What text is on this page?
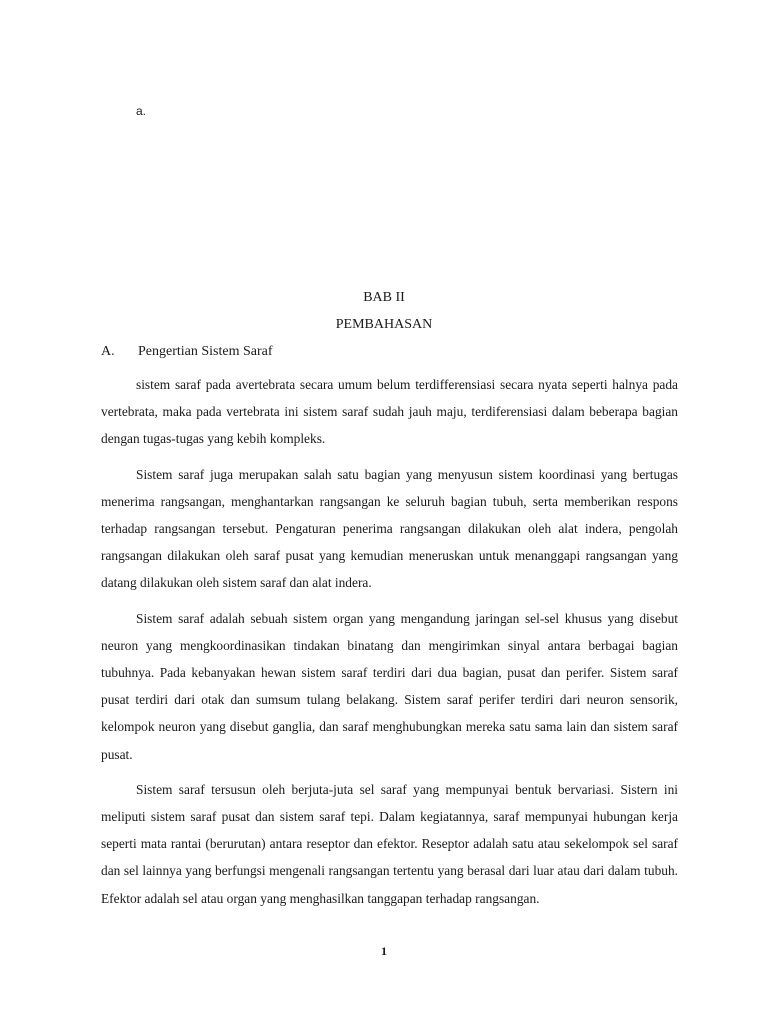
a.
BAB II
PEMBAHASAN
A. Pengertian Sistem Saraf

sistem saraf pada avertebrata secara umum belum terdifferensiasi secara nyata seperti halnya pada vertebrata, maka pada vertebrata ini sistem saraf sudah jauh maju, terdiferensiasi dalam beberapa bagian dengan tugas-tugas yang kebih kompleks.

Sistem saraf juga merupakan salah satu bagian yang menyusun sistem koordinasi yang bertugas menerima rangsangan, menghantarkan rangsangan ke seluruh bagian tubuh, serta memberikan respons terhadap rangsangan tersebut. Pengaturan penerima rangsangan dilakukan oleh alat indera, pengolah rangsangan dilakukan oleh saraf pusat yang kemudian meneruskan untuk menanggapi rangsangan yang datang dilakukan oleh sistem saraf dan alat indera.

Sistem saraf adalah sebuah sistem organ yang mengandung jaringan sel-sel khusus yang disebut neuron yang mengkoordinasikan tindakan binatang dan mengirimkan sinyal antara berbagai bagian tubuhnya. Pada kebanyakan hewan sistem saraf terdiri dari dua bagian, pusat dan perifer. Sistem saraf pusat terdiri dari otak dan sumsum tulang belakang. Sistem saraf perifer terdiri dari neuron sensorik, kelompok neuron yang disebut ganglia, dan saraf menghubungkan mereka satu sama lain dan sistem saraf pusat.

Sistem saraf tersusun oleh berjuta-juta sel saraf yang mempunyai bentuk bervariasi. Sistern ini meliputi sistem saraf pusat dan sistem saraf tepi. Dalam kegiatannya, saraf mempunyai hubungan kerja seperti mata rantai (berurutan) antara reseptor dan efektor. Reseptor adalah satu atau sekelompok sel saraf dan sel lainnya yang berfungsi mengenali rangsangan tertentu yang berasal dari luar atau dari dalam tubuh. Efektor adalah sel atau organ yang menghasilkan tanggapan terhadap rangsangan.

1
